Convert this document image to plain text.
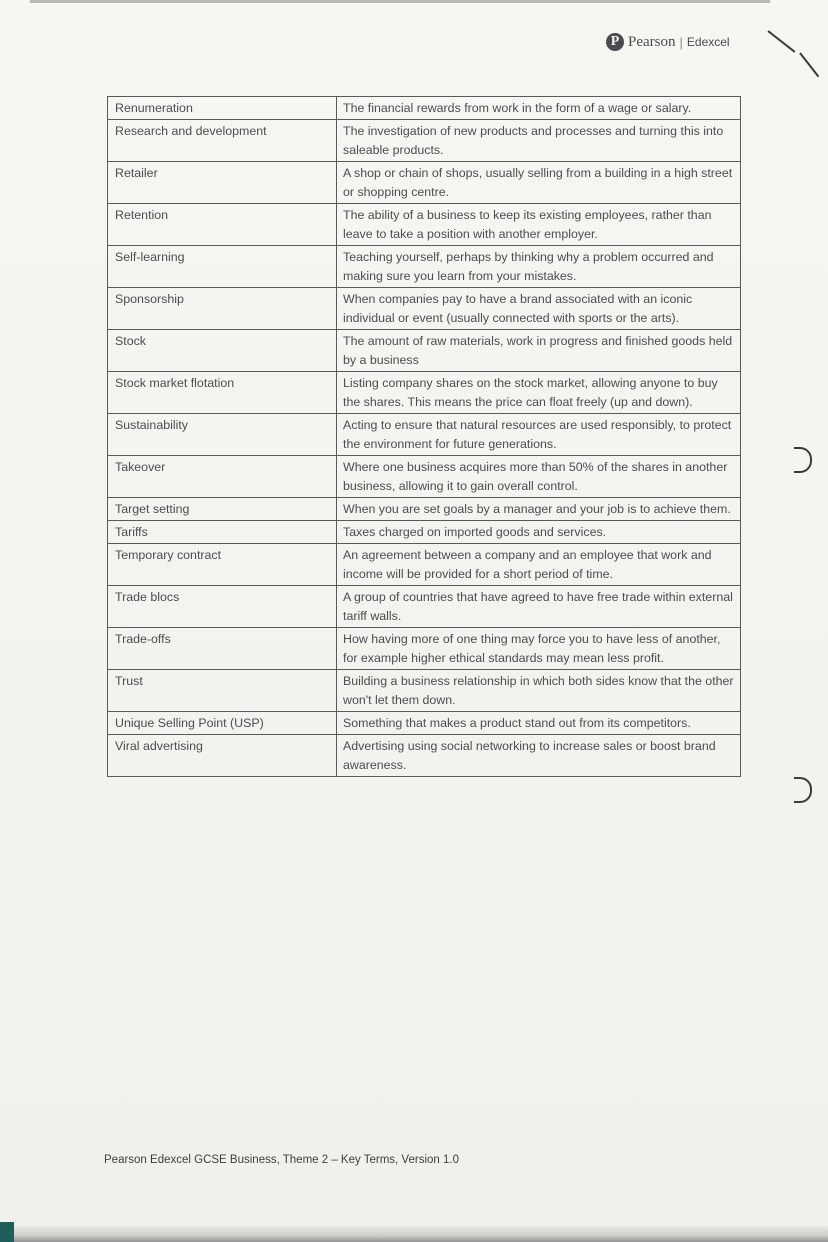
P Pearson | Edexcel
Renumeration	The financial rewards from work in the form of a wage or salary.
Research and development	The investigation of new products and processes and turning this into saleable products.
Retailer	A shop or chain of shops, usually selling from a building in a high street or shopping centre.
Retention	The ability of a business to keep its existing employees, rather than leave to take a position with another employer.
Self-learning	Teaching yourself, perhaps by thinking why a problem occurred and making sure you learn from your mistakes.
Sponsorship	When companies pay to have a brand associated with an iconic individual or event (usually connected with sports or the arts).
Stock	The amount of raw materials, work in progress and finished goods held by a business
Stock market flotation	Listing company shares on the stock market, allowing anyone to buy the shares. This means the price can float freely (up and down).
Sustainability	Acting to ensure that natural resources are used responsibly, to protect the environment for future generations.
Takeover	Where one business acquires more than 50% of the shares in another business, allowing it to gain overall control.
Target setting	When you are set goals by a manager and your job is to achieve them.
Tariffs	Taxes charged on imported goods and services.
Temporary contract	An agreement between a company and an employee that work and income will be provided for a short period of time.
Trade blocs	A group of countries that have agreed to have free trade within external tariff walls.
Trade-offs	How having more of one thing may force you to have less of another, for example higher ethical standards may mean less profit.
Trust	Building a business relationship in which both sides know that the other won't let them down.
Unique Selling Point (USP)	Something that makes a product stand out from its competitors.
Viral advertising	Advertising using social networking to increase sales or boost brand awareness.
Pearson Edexcel GCSE Business, Theme 2 – Key Terms, Version 1.0
